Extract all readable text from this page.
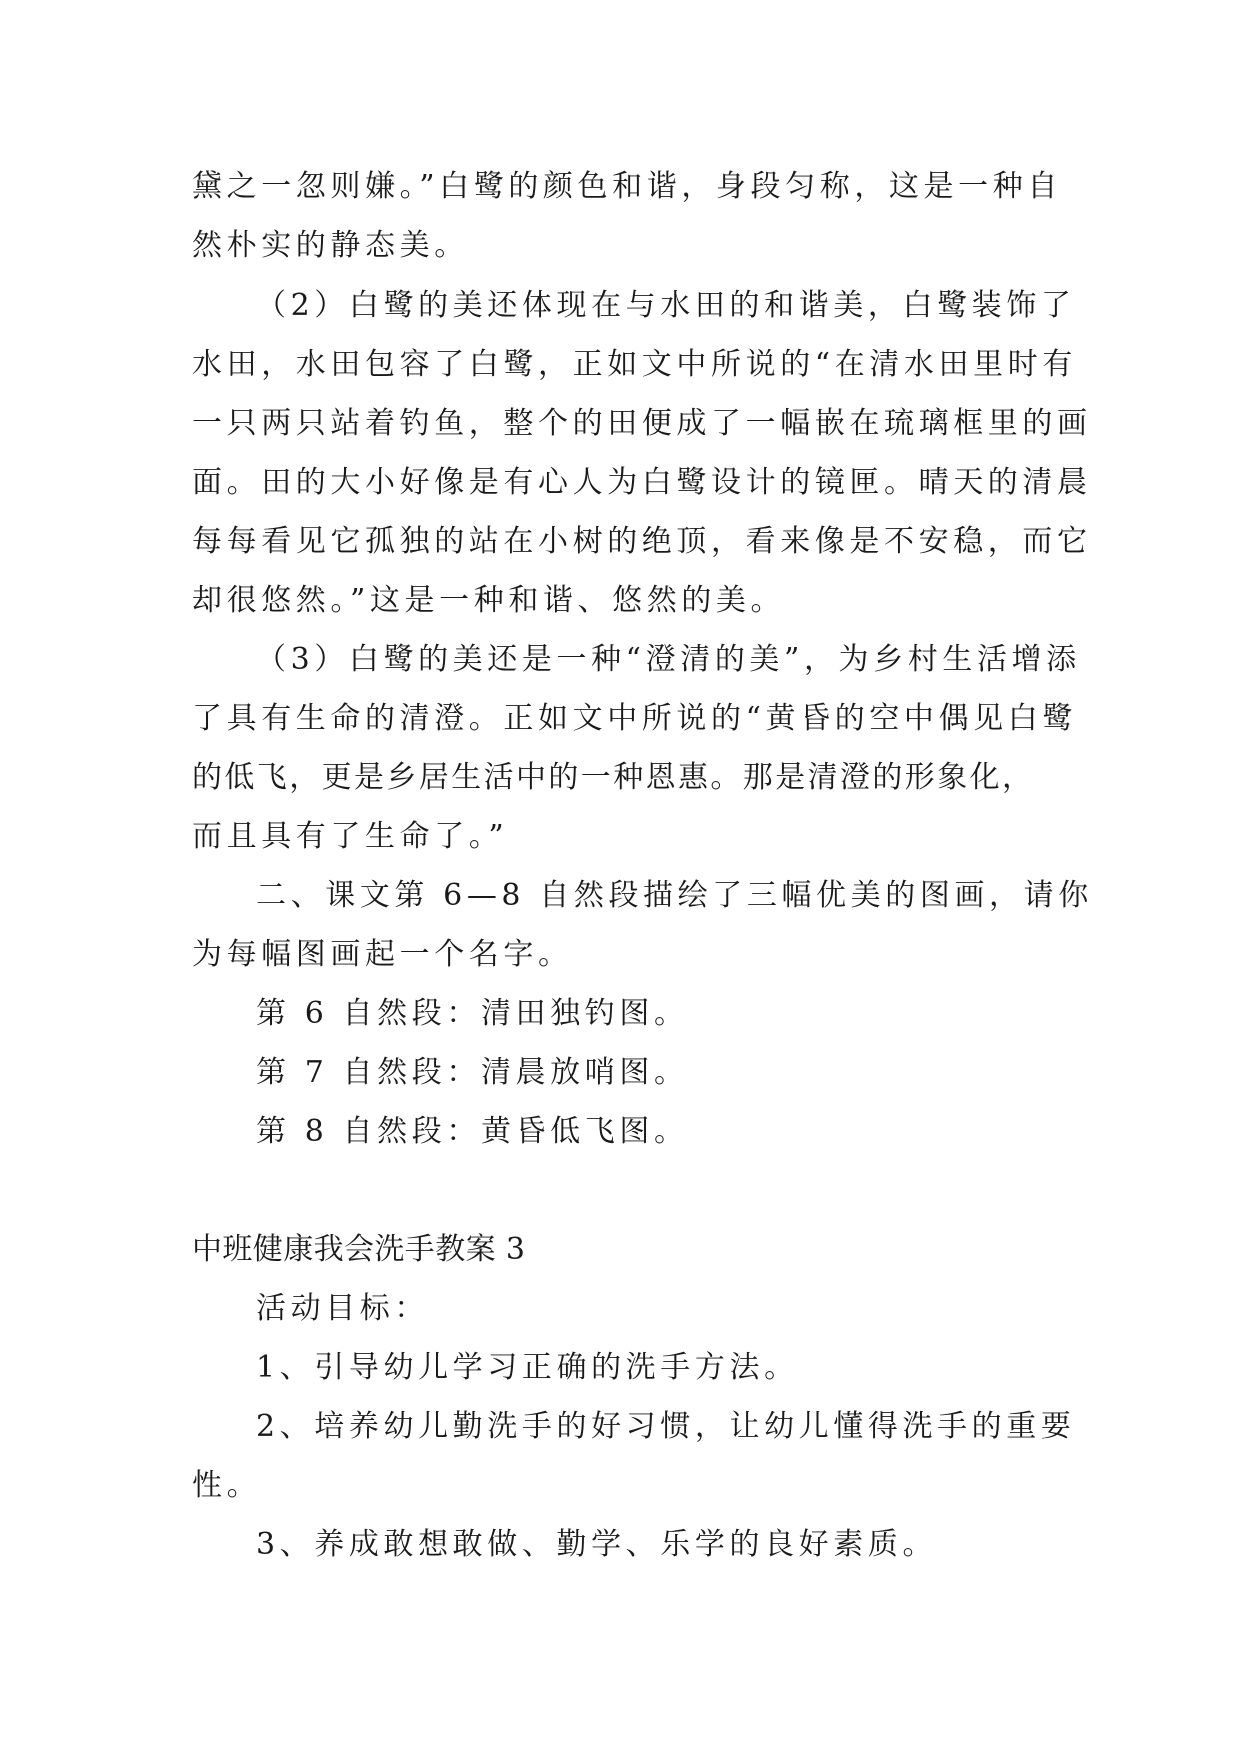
黛之一忽则嫌。”白鹭的颜色和谐，身段匀称，这是一种自
然朴实的静态美。
（2）白鹭的美还体现在与水田的和谐美，白鹭装饰了
水田，水田包容了白鹭，正如文中所说的“在清水田里时有
一只两只站着钓鱼，整个的田便成了一幅嵌在琉璃框里的画
面。田的大小好像是有心人为白鹭设计的镜匣。晴天的清晨
每每看见它孤独的站在小树的绝顶，看来像是不安稳，而它
却很悠然。”这是一种和谐、悠然的美。
（3）白鹭的美还是一种“澄清的美”，为乡村生活增添
了具有生命的清澄。正如文中所说的“黄昏的空中偶见白鹭
的低飞，更是乡居生活中的一种恩惠。那是清澄的形象化，
而且具有了生命了。”
二、课文第 6—8 自然段描绘了三幅优美的图画，请你
为每幅图画起一个名字。
第 6 自然段：清田独钓图。
第 7 自然段：清晨放哨图。
第 8 自然段：黄昏低飞图。
中班健康我会洗手教案 3
活动目标：
1、引导幼儿学习正确的洗手方法。
2、培养幼儿勤洗手的好习惯，让幼儿懂得洗手的重要
性。
3、养成敢想敢做、勤学、乐学的良好素质。
